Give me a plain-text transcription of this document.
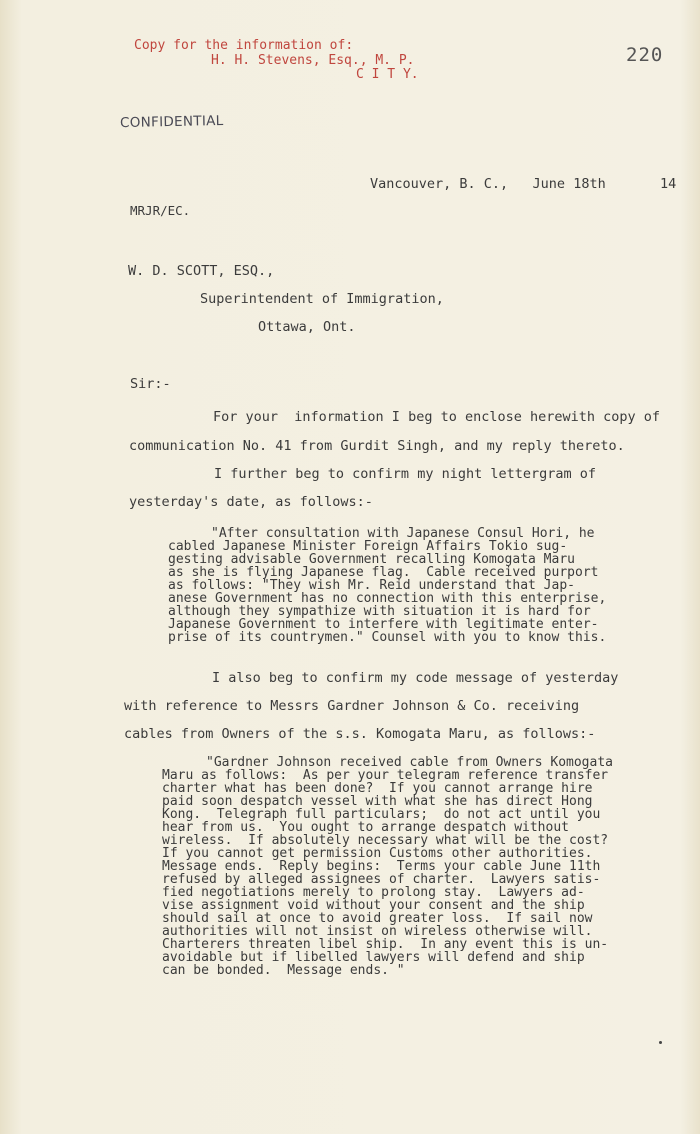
Copy for the information of:
H. H. Stevens, Esq., M. P.
C I T Y.
220
CONFIDENTIAL
Vancouver, B. C.,   June 18th	14
MRJR/EC.
W. D. SCOTT, ESQ.,
Superintendent of Immigration,
Ottawa, Ont.
Sir:-
For your  information I beg to enclose herewith copy of
communication No. 41 from Gurdit Singh, and my reply thereto.
I further beg to confirm my night lettergram of
yesterday's date, as follows:-
"After consultation with Japanese Consul Hori, he
cabled Japanese Minister Foreign Affairs Tokio sug-
gesting advisable Government recalling Komogata Maru
as she is flying Japanese flag.  Cable received purport
as follows: "They wish Mr. Reid understand that Jap-
anese Government has no connection with this enterprise,
although they sympathize with situation it is hard for
Japanese Government to interfere with legitimate enter-
prise of its countrymen." Counsel with you to know this.
I also beg to confirm my code message of yesterday
with reference to Messrs Gardner Johnson & Co. receiving
cables from Owners of the s.s. Komogata Maru, as follows:-
"Gardner Johnson received cable from Owners Komogata
Maru as follows:  As per your telegram reference transfer
charter what has been done?  If you cannot arrange hire
paid soon despatch vessel with what she has direct Hong
Kong.  Telegraph full particulars;  do not act until you
hear from us.  You ought to arrange despatch without
wireless.  If absolutely necessary what will be the cost?
If you cannot get permission Customs other authorities.
Message ends.  Reply begins:  Terms your cable June 11th
refused by alleged assignees of charter.  Lawyers satis-
fied negotiations merely to prolong stay.  Lawyers ad-
vise assignment void without your consent and the ship
should sail at once to avoid greater loss.  If sail now
authorities will not insist on wireless otherwise will.
Charterers threaten libel ship.  In any event this is un-
avoidable but if libelled lawyers will defend and ship
can be bonded.  Message ends. "
